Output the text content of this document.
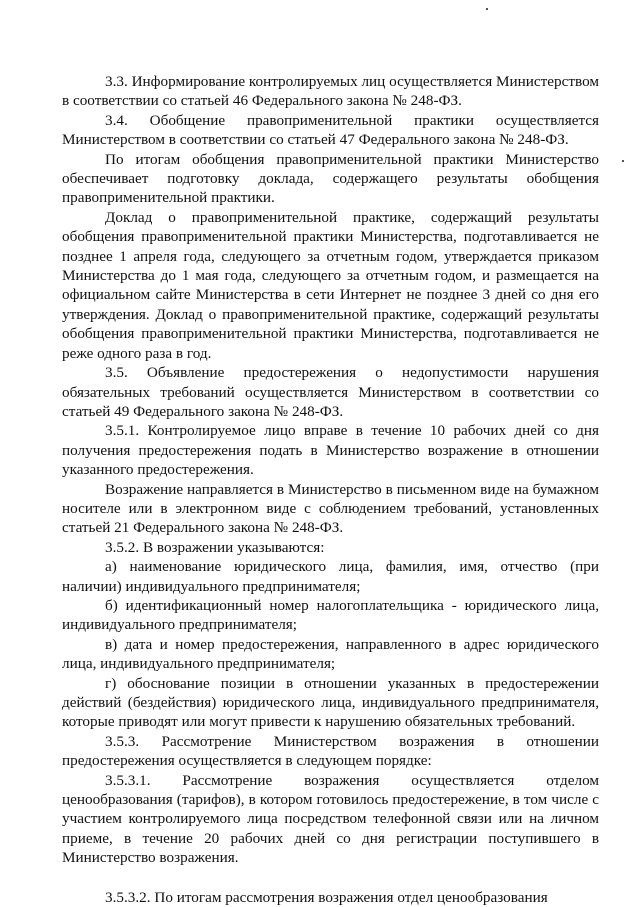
3.3. Информирование контролируемых лиц осуществляется Министерством в соответствии со статьей 46 Федерального закона № 248-ФЗ.

3.4. Обобщение правоприменительной практики осуществляется Министерством в соответствии со статьей 47 Федерального закона № 248-ФЗ.

По итогам обобщения правоприменительной практики Министерство обеспечивает подготовку доклада, содержащего результаты обобщения правоприменительной практики.

Доклад о правоприменительной практике, содержащий результаты обобщения правоприменительной практики Министерства, подготавливается не позднее 1 апреля года, следующего за отчетным годом, утверждается приказом Министерства до 1 мая года, следующего за отчетным годом, и размещается на официальном сайте Министерства в сети Интернет не позднее 3 дней со дня его утверждения. Доклад о правоприменительной практике, содержащий результаты обобщения правоприменительной практики Министерства, подготавливается не реже одного раза в год.

3.5. Объявление предостережения о недопустимости нарушения обязательных требований осуществляется Министерством в соответствии со статьей 49 Федерального закона № 248-ФЗ.

3.5.1. Контролируемое лицо вправе в течение 10 рабочих дней со дня получения предостережения подать в Министерство возражение в отношении указанного предостережения.

Возражение направляется в Министерство в письменном виде на бумажном носителе или в электронном виде с соблюдением требований, установленных статьей 21 Федерального закона № 248-ФЗ.

3.5.2. В возражении указываются:

а) наименование юридического лица, фамилия, имя, отчество (при наличии) индивидуального предпринимателя;

б) идентификационный номер налогоплательщика - юридического лица, индивидуального предпринимателя;

в) дата и номер предостережения, направленного в адрес юридического лица, индивидуального предпринимателя;

г) обоснование позиции в отношении указанных в предостережении действий (бездействия) юридического лица, индивидуального предпринимателя, которые приводят или могут привести к нарушению обязательных требований.

3.5.3. Рассмотрение Министерством возражения в отношении предостережения осуществляется в следующем порядке:

3.5.3.1. Рассмотрение возражения осуществляется отделом ценообразования (тарифов), в котором готовилось предостережение, в том числе с участием контролируемого лица посредством телефонной связи или на личном приеме, в течение 20 рабочих дней со дня регистрации поступившего в Министерство возражения.

3.5.3.2. По итогам рассмотрения возражения отдел ценообразования
